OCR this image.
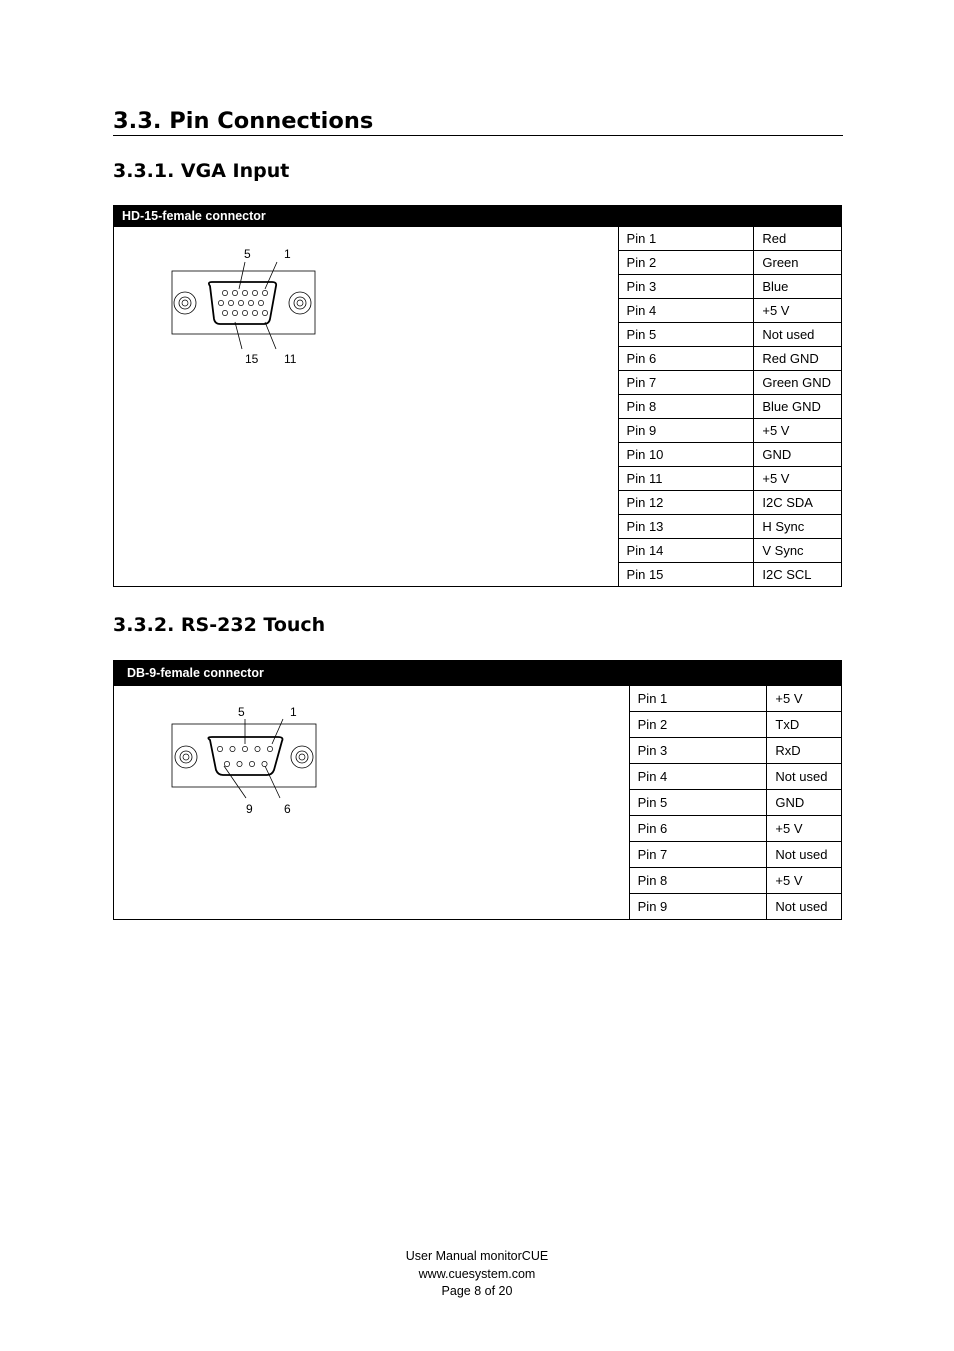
3.3. Pin Connections
3.3.1. VGA Input
HD-15-female connector		

5 1
15 11	Pin 1	Red
	Pin 2	Green
	Pin 3	Blue
	Pin 4	+5 V
	Pin 5	Not used
	Pin 6	Red GND
	Pin 7	Green GND
	Pin 8	Blue GND
	Pin 9	+5 V
	Pin 10	GND
	Pin 11	+5 V
	Pin 12	I2C SDA
	Pin 13	H Sync
	Pin 14	V Sync
	Pin 15	I2C SCL
3.3.2. RS-232 Touch
DB-9-female connector		

5 1
9 6	Pin 1	+5 V
	Pin 2	TxD
	Pin 3	RxD
	Pin 4	Not used
	Pin 5	GND
	Pin 6	+5 V
	Pin 7	Not used
	Pin 8	+5 V
	Pin 9	Not used
User Manual monitorCUE
www.cuesystem.com
Page 8 of 20
